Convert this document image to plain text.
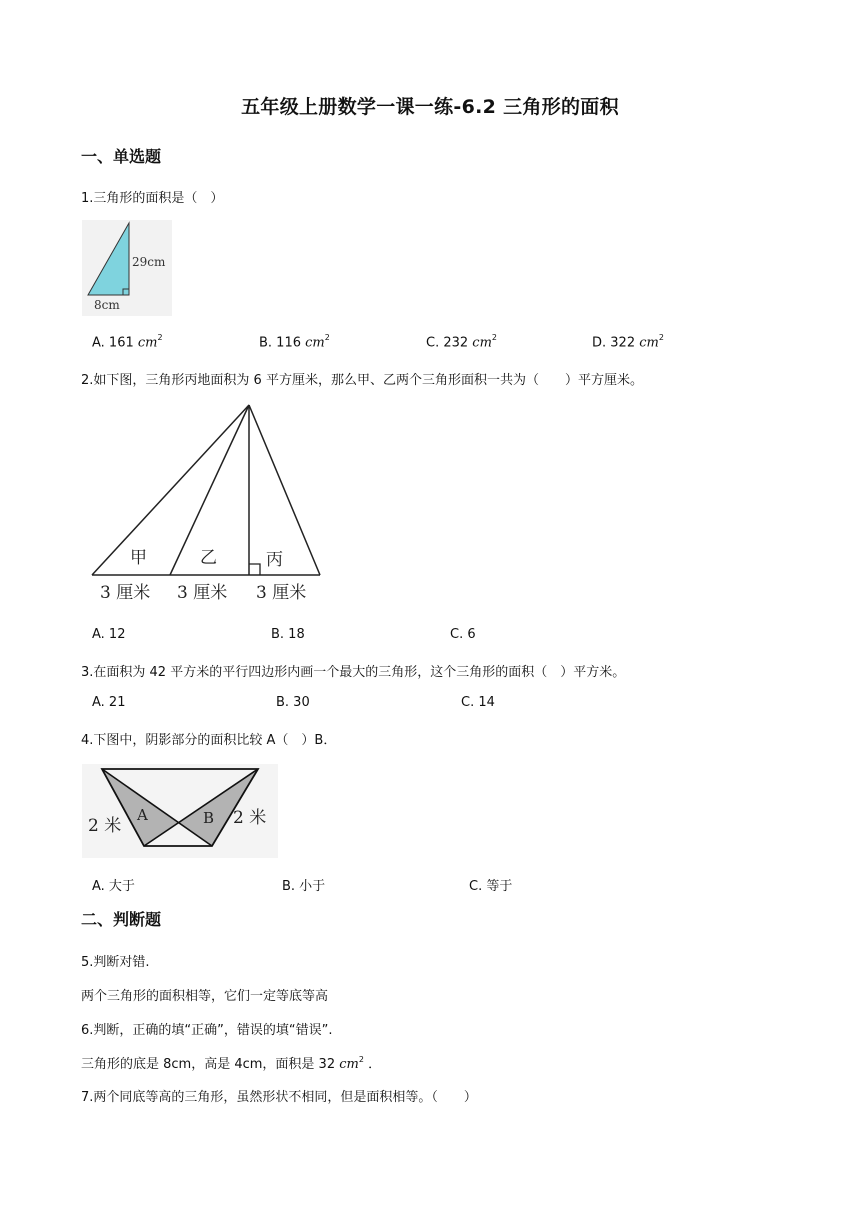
五年级上册数学一课一练-6.2 三角形的面积
一、单选题
1.三角形的面积是（　）
29cm
8cm
A. 161 $cm^2$	B. 116 $cm^2$	C. 232 $cm^2$	D. 322 $cm^2$
2.如下图，三角形丙地面积为 6 平方厘米，那么甲、乙两个三角形面积一共为（　　）平方厘米。
甲	乙	丙
3 厘米 3 厘米 3 厘米
A. 12	B. 18	C. 6
3.在面积为 42 平方米的平行四边形内画一个最大的三角形，这个三角形的面积（　）平方米。
A. 21	B. 30	C. 14
4.下图中，阴影部分的面积比较 A（　）B．
A	B
2 米	2 米
A. 大于	B. 小于	C. 等于
二、判断题
5.判断对错.
两个三角形的面积相等，它们一定等底等高
6.判断，正确的填“正确”，错误的填“错误”.
三角形的底是 8cm，高是 4cm，面积是 32 $cm^2$ ．
7.两个同底等高的三角形，虽然形状不相同，但是面积相等。（　　）
